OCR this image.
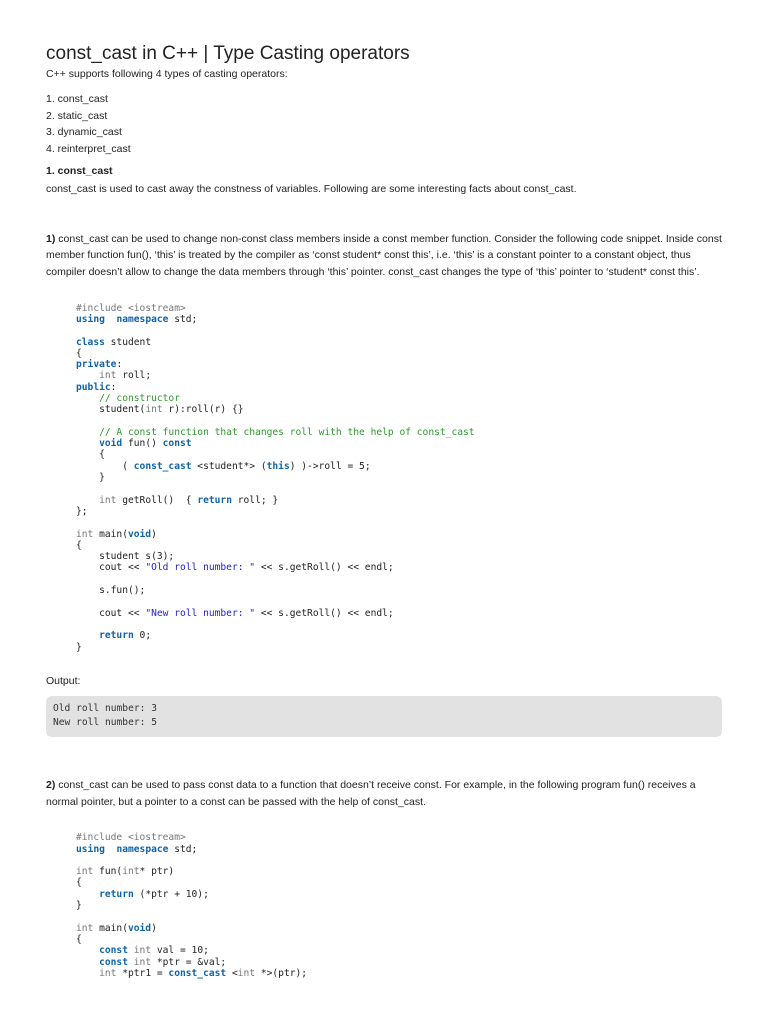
const_cast in C++ | Type Casting operators
C++ supports following 4 types of casting operators:
1. const_cast
2. static_cast
3. dynamic_cast
4. reinterpret_cast
1. const_cast
const_cast is used to cast away the constness of variables. Following are some interesting facts about const_cast.
1) const_cast can be used to change non-const class members inside a const member function. Consider the following code snippet. Inside const member function fun(), ‘this’ is treated by the compiler as ‘const student* const this’, i.e. ‘this’ is a constant pointer to a constant object, thus compiler doesn’t allow to change the data members through ‘this’ pointer. const_cast changes the type of ‘this’ pointer to ‘student* const this’.
#include <iostream>
using namespace std;

class student
{
private:
int roll;
public:
// constructor
student(int r):roll(r) {}

// A const function that changes roll with the help of const_cast
void fun() const
{
( const_cast <student*> (this) )->roll = 5;
}

int getRoll()  { return roll; }
};

int main(void)
{
student s(3);
cout << "Old roll number: " << s.getRoll() << endl;

s.fun();

cout << "New roll number: " << s.getRoll() << endl;

return 0;
}
Output:
Old roll number: 3
New roll number: 5
2) const_cast can be used to pass const data to a function that doesn’t receive const. For example, in the following program fun() receives a normal pointer, but a pointer to a const can be passed with the help of const_cast.
#include <iostream>
using namespace std;

int fun(int* ptr)
{
return (*ptr + 10);
}

int main(void)
{
const int val = 10;
const int *ptr = &val;
int *ptr1 = const_cast <int *>(ptr);
